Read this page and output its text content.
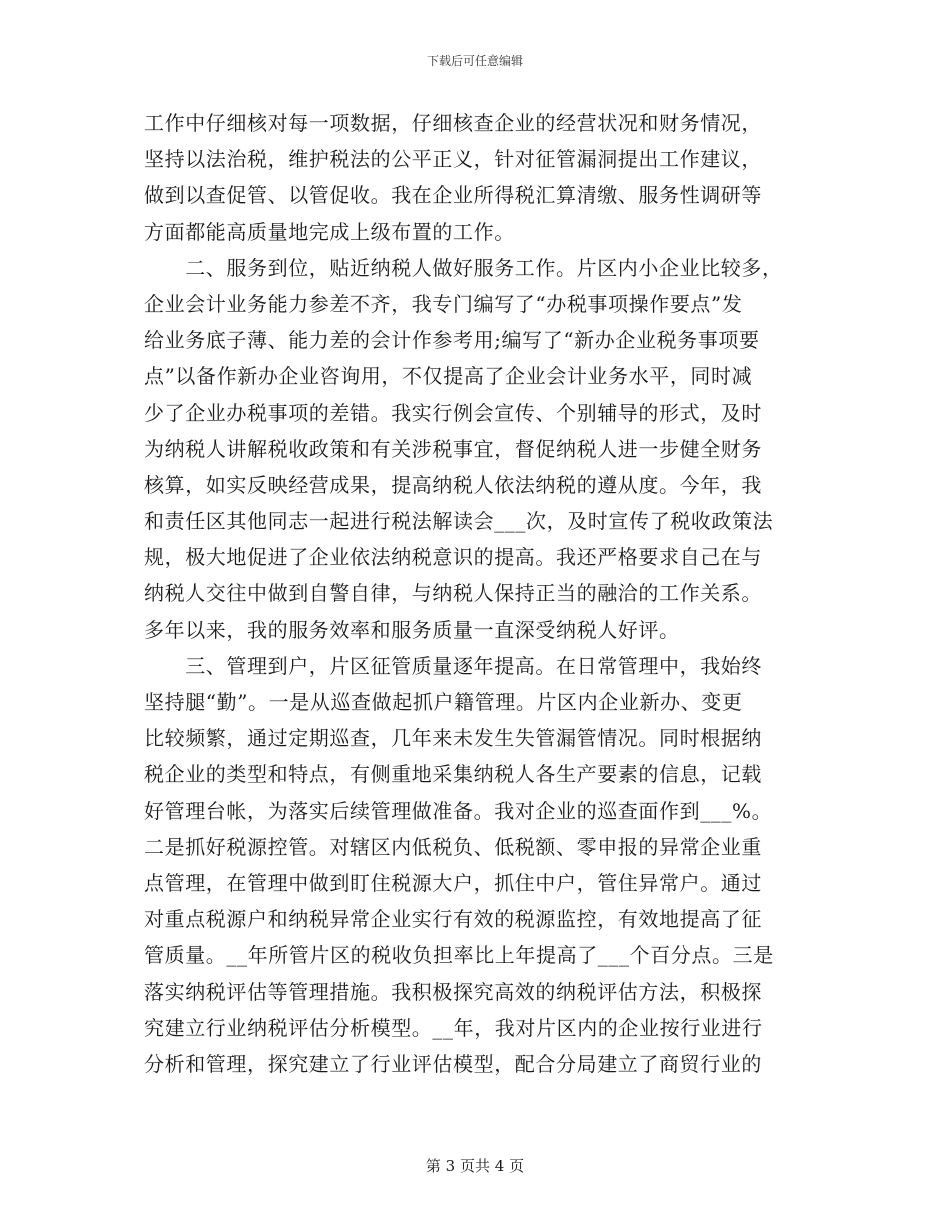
下载后可任意编辑
工作中仔细核对每一项数据，仔细核查企业的经营状况和财务情况，
坚持以法治税，维护税法的公平正义，针对征管漏洞提出工作建议，
做到以查促管、以管促收。我在企业所得税汇算清缴、服务性调研等
方面都能高质量地完成上级布置的工作。
　　二、服务到位，贴近纳税人做好服务工作。片区内小企业比较多，
企业会计业务能力参差不齐，我专门编写了“办税事项操作要点”发
给业务底子薄、能力差的会计作参考用;编写了“新办企业税务事项要
点”以备作新办企业咨询用，不仅提高了企业会计业务水平，同时减
少了企业办税事项的差错。我实行例会宣传、个别辅导的形式，及时
为纳税人讲解税收政策和有关涉税事宜，督促纳税人进一步健全财务
核算，如实反映经营成果，提高纳税人依法纳税的遵从度。今年，我
和责任区其他同志一起进行税法解读会___次，及时宣传了税收政策法
规，极大地促进了企业依法纳税意识的提高。我还严格要求自己在与
纳税人交往中做到自警自律，与纳税人保持正当的融洽的工作关系。
多年以来，我的服务效率和服务质量一直深受纳税人好评。
　　三、管理到户，片区征管质量逐年提高。在日常管理中，我始终
坚持腿“勤”。一是从巡查做起抓户籍管理。片区内企业新办、变更
比较频繁，通过定期巡查，几年来未发生失管漏管情况。同时根据纳
税企业的类型和特点，有侧重地采集纳税人各生产要素的信息，记载
好管理台帐，为落实后续管理做准备。我对企业的巡查面作到___%。
二是抓好税源控管。对辖区内低税负、低税额、零申报的异常企业重
点管理，在管理中做到盯住税源大户，抓住中户，管住异常户。通过
对重点税源户和纳税异常企业实行有效的税源监控，有效地提高了征
管质量。__年所管片区的税收负担率比上年提高了___个百分点。三是
落实纳税评估等管理措施。我积极探究高效的纳税评估方法，积极探
究建立行业纳税评估分析模型。__年，我对片区内的企业按行业进行
分析和管理，探究建立了行业评估模型，配合分局建立了商贸行业的
第 3 页共 4 页
